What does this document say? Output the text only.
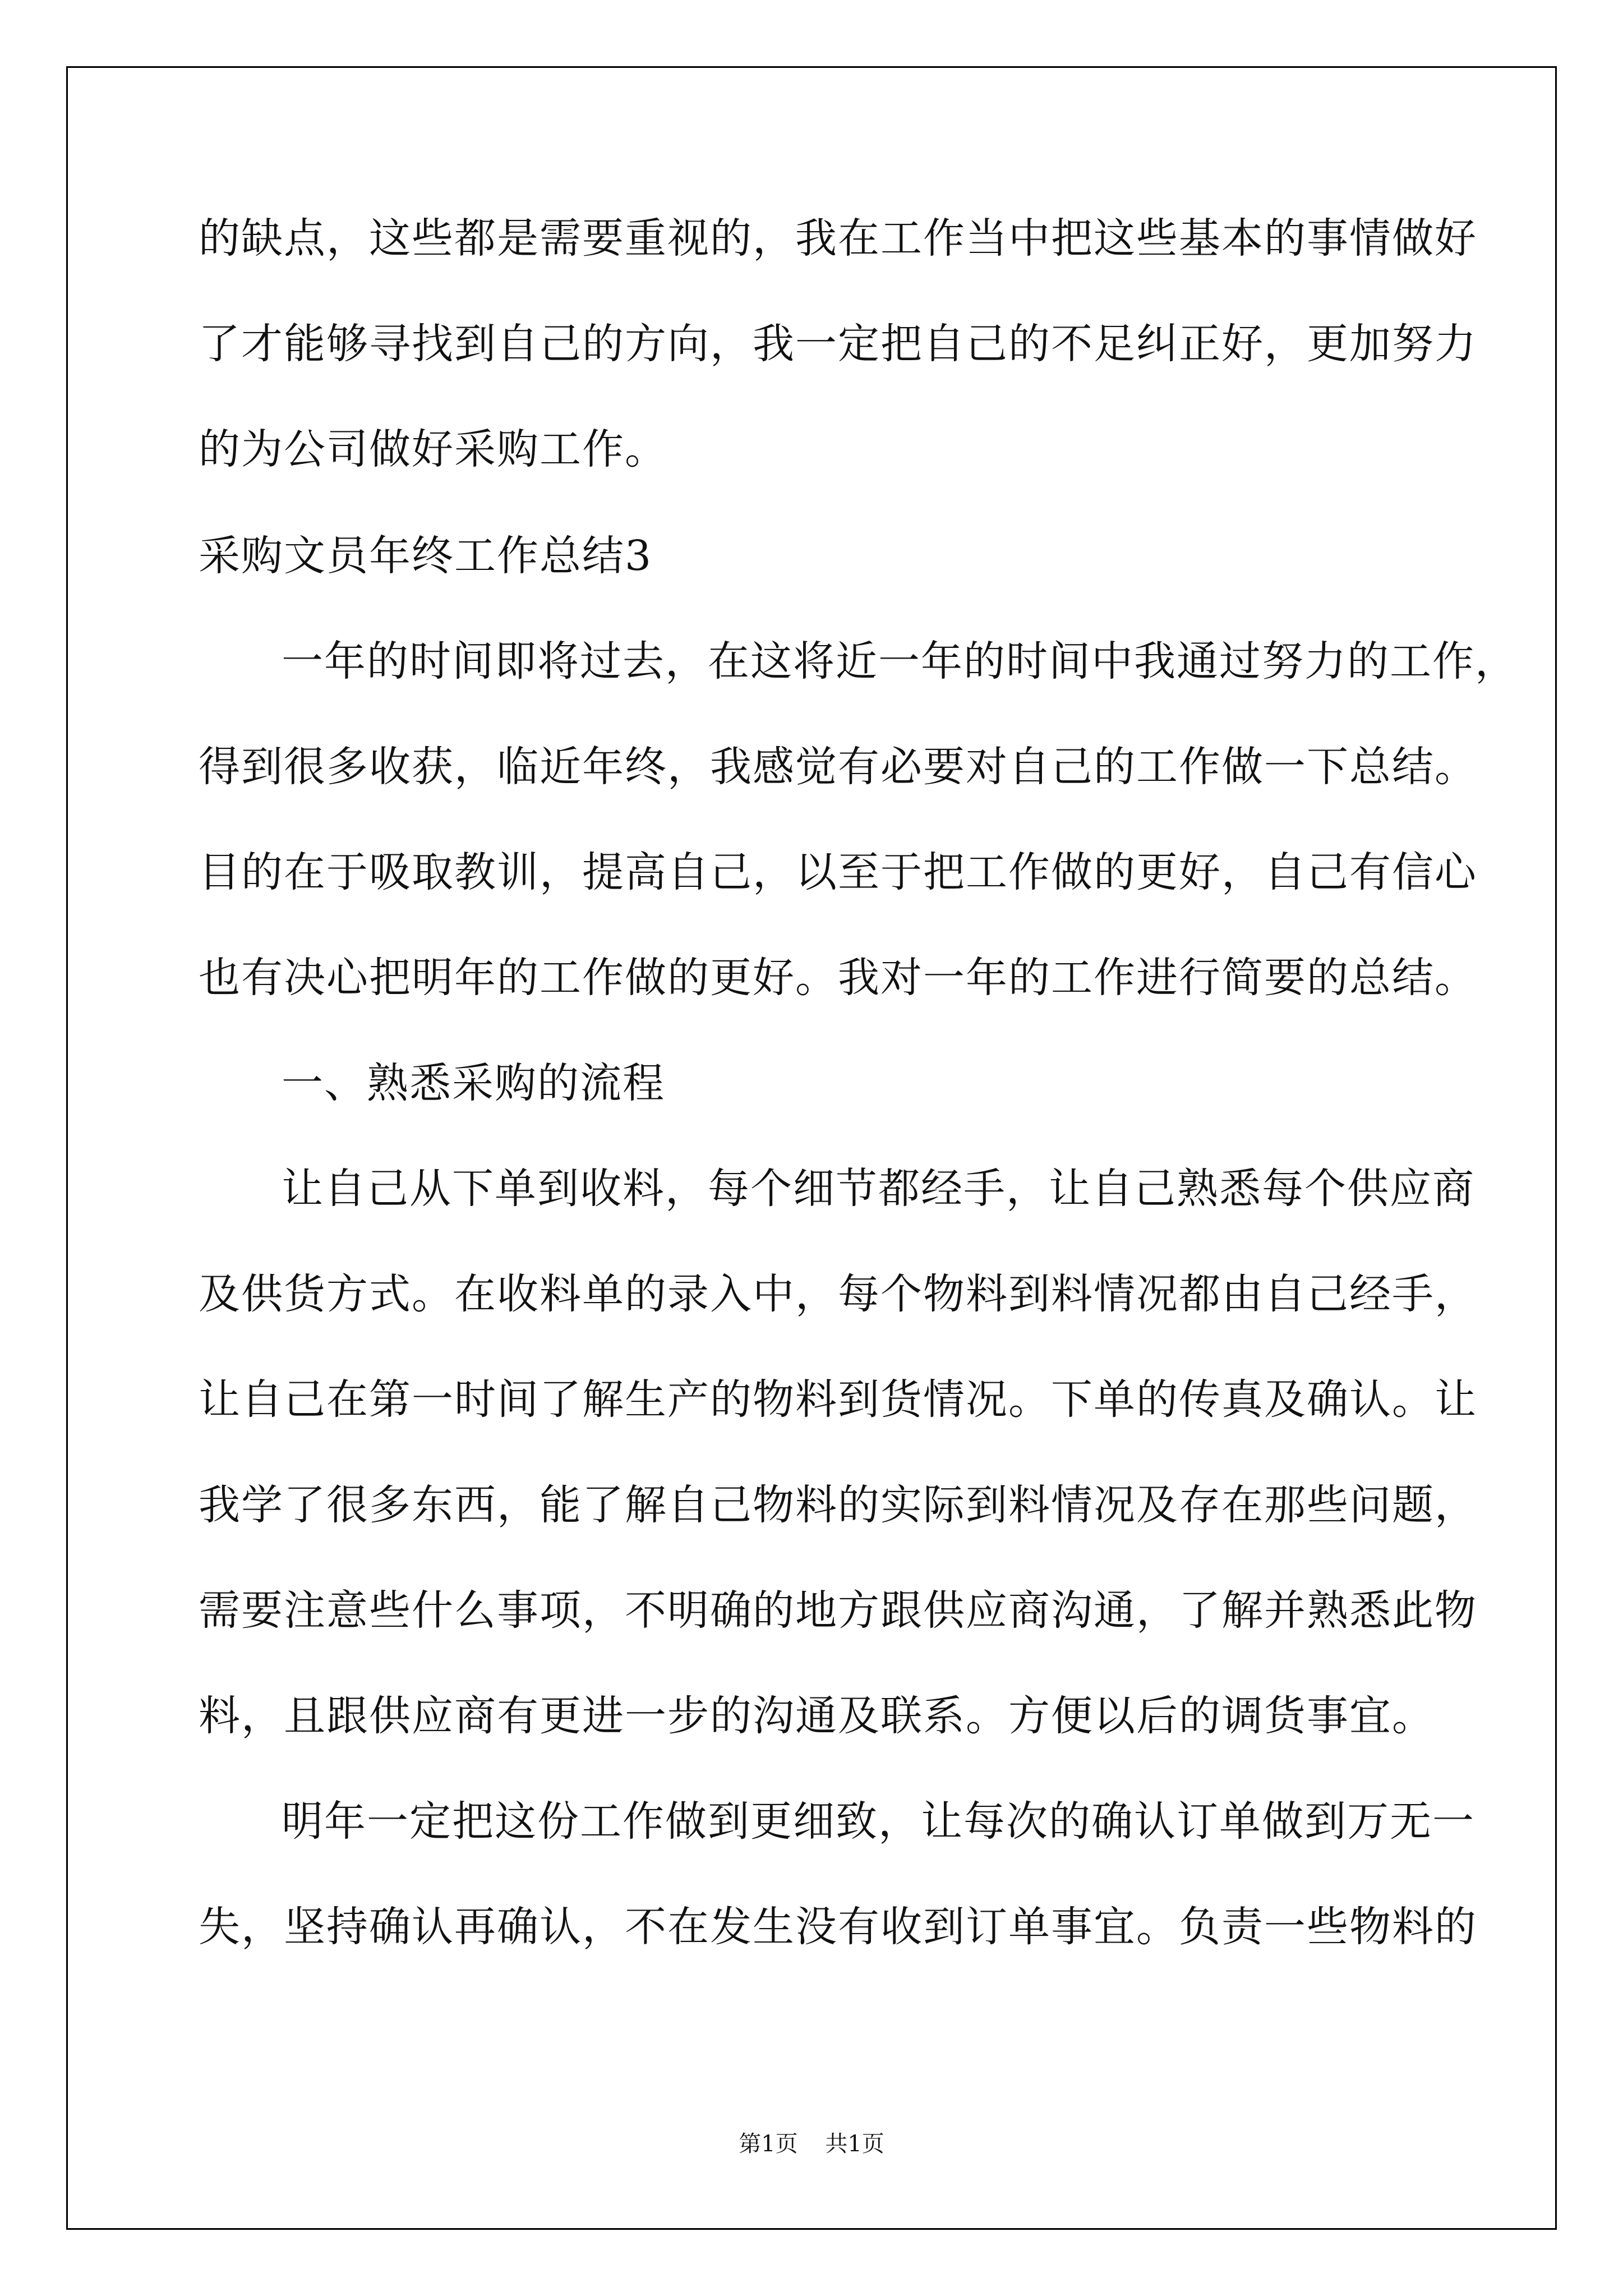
的缺点，这些都是需要重视的，我在工作当中把这些基本的事情做好
了才能够寻找到自己的方向，我一定把自己的不足纠正好，更加努力
的为公司做好采购工作。
采购文员年终工作总结3
一年的时间即将过去，在这将近一年的时间中我通过努力的工作，
得到很多收获，临近年终，我感觉有必要对自己的工作做一下总结。
目的在于吸取教训，提高自己，以至于把工作做的更好，自己有信心
也有决心把明年的工作做的更好。我对一年的工作进行简要的总结。
一、熟悉采购的流程
让自己从下单到收料，每个细节都经手，让自己熟悉每个供应商
及供货方式。在收料单的录入中，每个物料到料情况都由自己经手，
让自己在第一时间了解生产的物料到货情况。下单的传真及确认。让
我学了很多东西，能了解自己物料的实际到料情况及存在那些问题，
需要注意些什么事项，不明确的地方跟供应商沟通，了解并熟悉此物
料，且跟供应商有更进一步的沟通及联系。方便以后的调货事宜。
明年一定把这份工作做到更细致，让每次的确认订单做到万无一
失，坚持确认再确认，不在发生没有收到订单事宜。负责一些物料的
第1页 共1页
